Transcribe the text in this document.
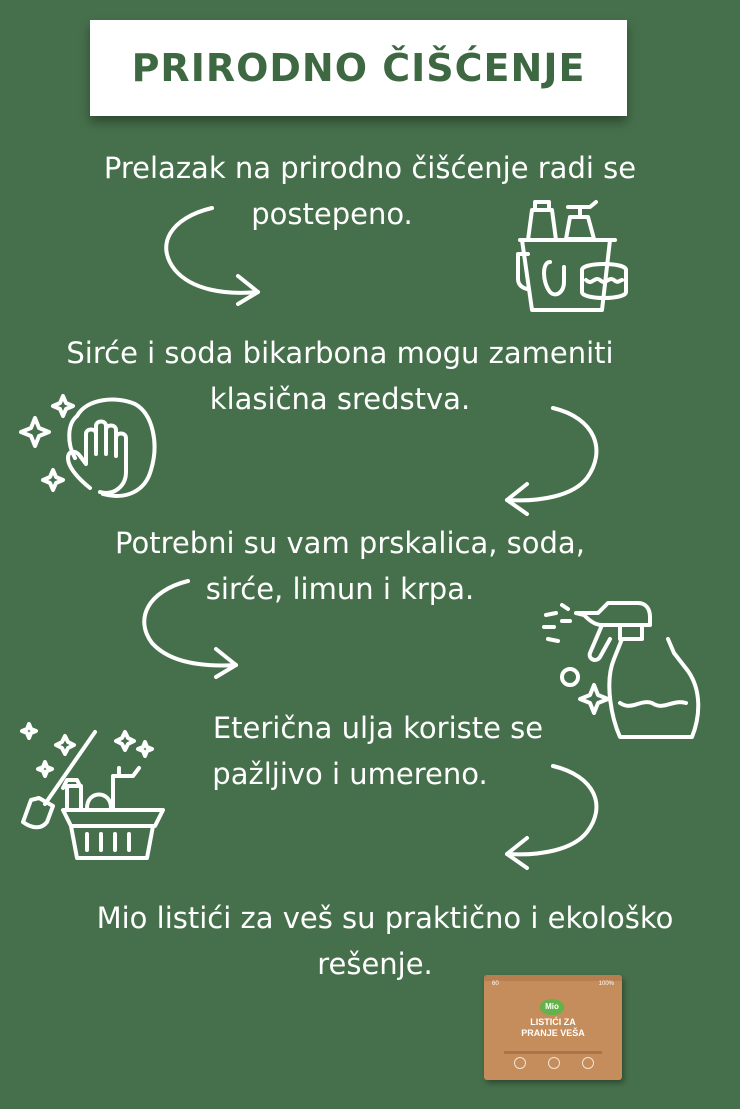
PRIRODNO ČIŠĆENJE
Prelazak na prirodno čišćenje radi se
postepeno.
Sirće i soda bikarbona mogu zameniti
klasična sredstva.
Potrebni su vam prskalica, soda,
sirće, limun i krpa.
Eterična ulja koriste se
pažljivo i umereno.
Mio listići za veš su praktično i ekološko
rešenje.
60	100%
Mio
LISTIĆI ZA
PRANJE VEŠA
